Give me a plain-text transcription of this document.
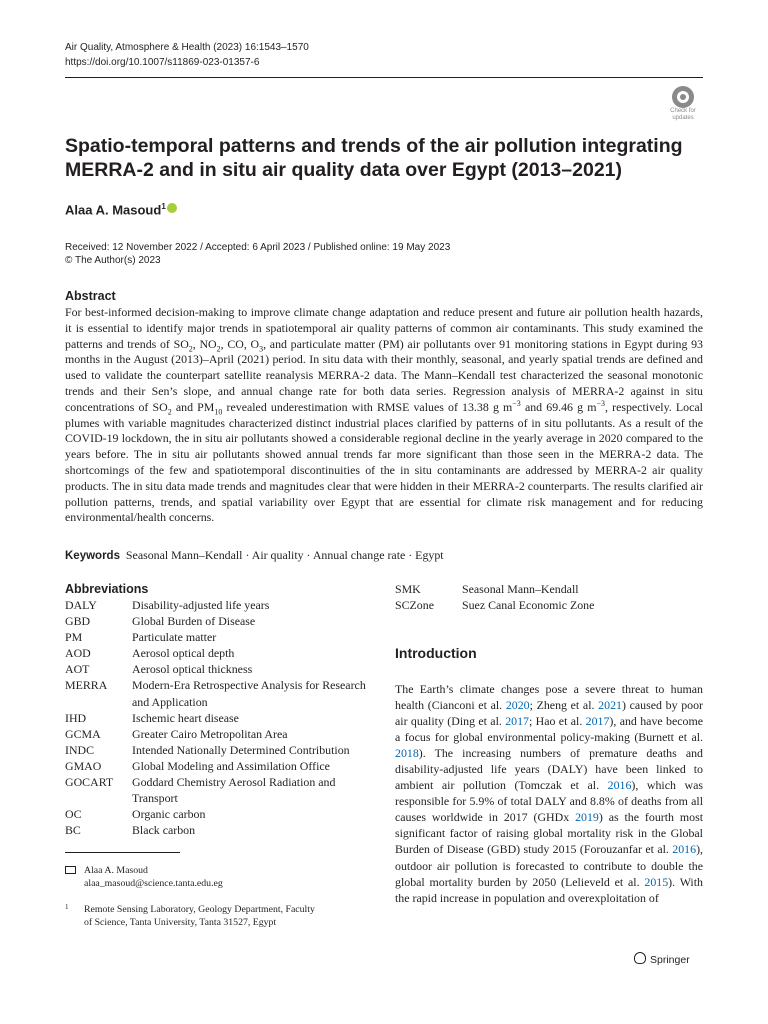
Air Quality, Atmosphere & Health (2023) 16:1543–1570
https://doi.org/10.1007/s11869-023-01357-6
Check for
updates
Spatio-temporal patterns and trends of the air pollution integrating
MERRA-2 and in situ air quality data over Egypt (2013–2021)
Alaa A. Masoud$^1$
Received: 12 November 2022 / Accepted: 6 April 2023 / Published online: 19 May 2023
© The Author(s) 2023
Abstract

For best-informed decision-making to improve climate change adaptation and reduce present and future air pollution health hazards, it is essential to identify major trends in spatiotemporal air quality patterns of common air contaminants. This study examined the patterns and trends of $SO_2$, $NO_2$, CO, $O_3$, and particulate matter (PM) air pollutants over 91 monitoring stations in Egypt during 93 months in the August (2013)–April (2021) period. In situ data with their monthly, seasonal, and yearly spatial trends are defined and used to validate the counterpart satellite reanalysis MERRA-2 data. The Mann–Kendall test characterized the seasonal monotonic trends and their Sen’s slope, and annual change rate for both data series. Regression analysis of MERRA-2 against in situ concentrations of $SO_2$ and $PM_{10}$ revealed underestimation with RMSE values of 13.38 g $m^{-3}$ and 69.46 g $m^{-3}$, respectively. Local plumes with variable magnitudes characterized distinct industrial places clarified by patterns of in situ pollutants. As a result of the COVID-19 lockdown, the in situ air pollutants showed a considerable regional decline in the yearly average in 2020 compared to the years before. The in situ air pollutants showed annual trends far more significant than those seen in the MERRA-2 data. The shortcomings of the few and spatiotemporal discontinuities of the in situ contaminants are addressed by MERRA-2 air quality products. The in situ data made trends and magnitudes clear that were hidden in their MERRA-2 counterparts. The results clarified air pollution patterns, trends, and spatial variability over Egypt that are essential for climate risk management and for reducing environmental/health concerns.

Keywords Seasonal Mann–Kendall · Air quality · Annual change rate · Egypt
Abbreviations
DALY	Disability-adjusted life years
GBD	Global Burden of Disease
PM	Particulate matter
AOD	Aerosol optical depth
AOT	Aerosol optical thickness
MERRA	Modern-Era Retrospective Analysis for Research and Application
IHD	Ischemic heart disease
GCMA	Greater Cairo Metropolitan Area
INDC	Intended Nationally Determined Contribution
GMAO	Global Modeling and Assimilation Office
GOCART	Goddard Chemistry Aerosol Radiation and Transport
OC	Organic carbon
BC	Black carbon
SMK	Seasonal Mann–Kendall
SCZone	Suez Canal Economic Zone
Introduction

The Earth’s climate changes pose a severe threat to human health (Cianconi et al. 2020; Zheng et al. 2021) caused by poor air quality (Ding et al. 2017; Hao et al. 2017), and have become a focus for global environmental policy-making (Burnett et al. 2018). The increasing numbers of premature deaths and disability-adjusted life years (DALY) have been linked to ambient air pollution (Tomczak et al. 2016), which was responsible for 5.9% of total DALY and 8.8% of deaths from all causes worldwide in 2017 (GHDx 2019) as the fourth most significant factor of raising global mortality risk in the Global Burden of Disease (GBD) study 2015 (Forouzanfar et al. 2016), outdoor air pollution is forecasted to contribute to double the global mortality burden by 2050 (Lelieveld et al. 2015). With the rapid increase in population and overexploitation of

Alaa A. Masoud
alaa_masoud@science.tanta.edu.eg
1 Remote Sensing Laboratory, Geology Department, Faculty
of Science, Tanta University, Tanta 31527, Egypt
Springer
